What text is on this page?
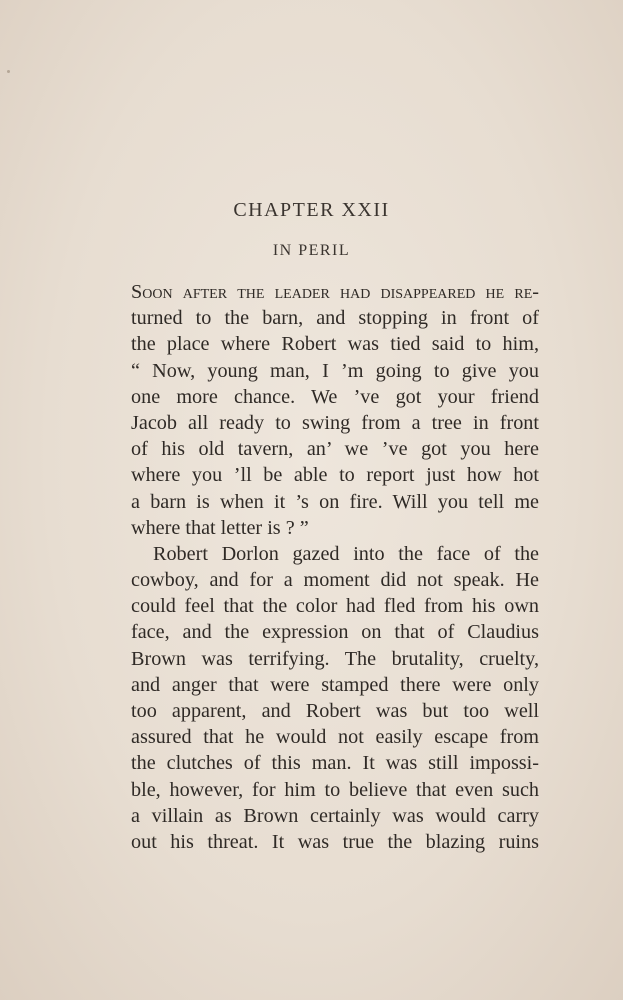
CHAPTER XXII
IN PERIL
Soon after the leader had disappeared he re-
turned to the barn, and stopping in front of
the place where Robert was tied said to him,
“ Now, young man, I ’m going to give you
one more chance. We ’ve got your friend
Jacob all ready to swing from a tree in front
of his old tavern, an’ we ’ve got you here
where you ’ll be able to report just how hot
a barn is when it ’s on fire. Will you tell me
where that letter is ? ”
Robert Dorlon gazed into the face of the
cowboy, and for a moment did not speak. He
could feel that the color had fled from his own
face, and the expression on that of Claudius
Brown was terrifying. The brutality, cruelty,
and anger that were stamped there were only
too apparent, and Robert was but too well
assured that he would not easily escape from
the clutches of this man. It was still impossi-
ble, however, for him to believe that even such
a villain as Brown certainly was would carry
out his threat. It was true the blazing ruins
